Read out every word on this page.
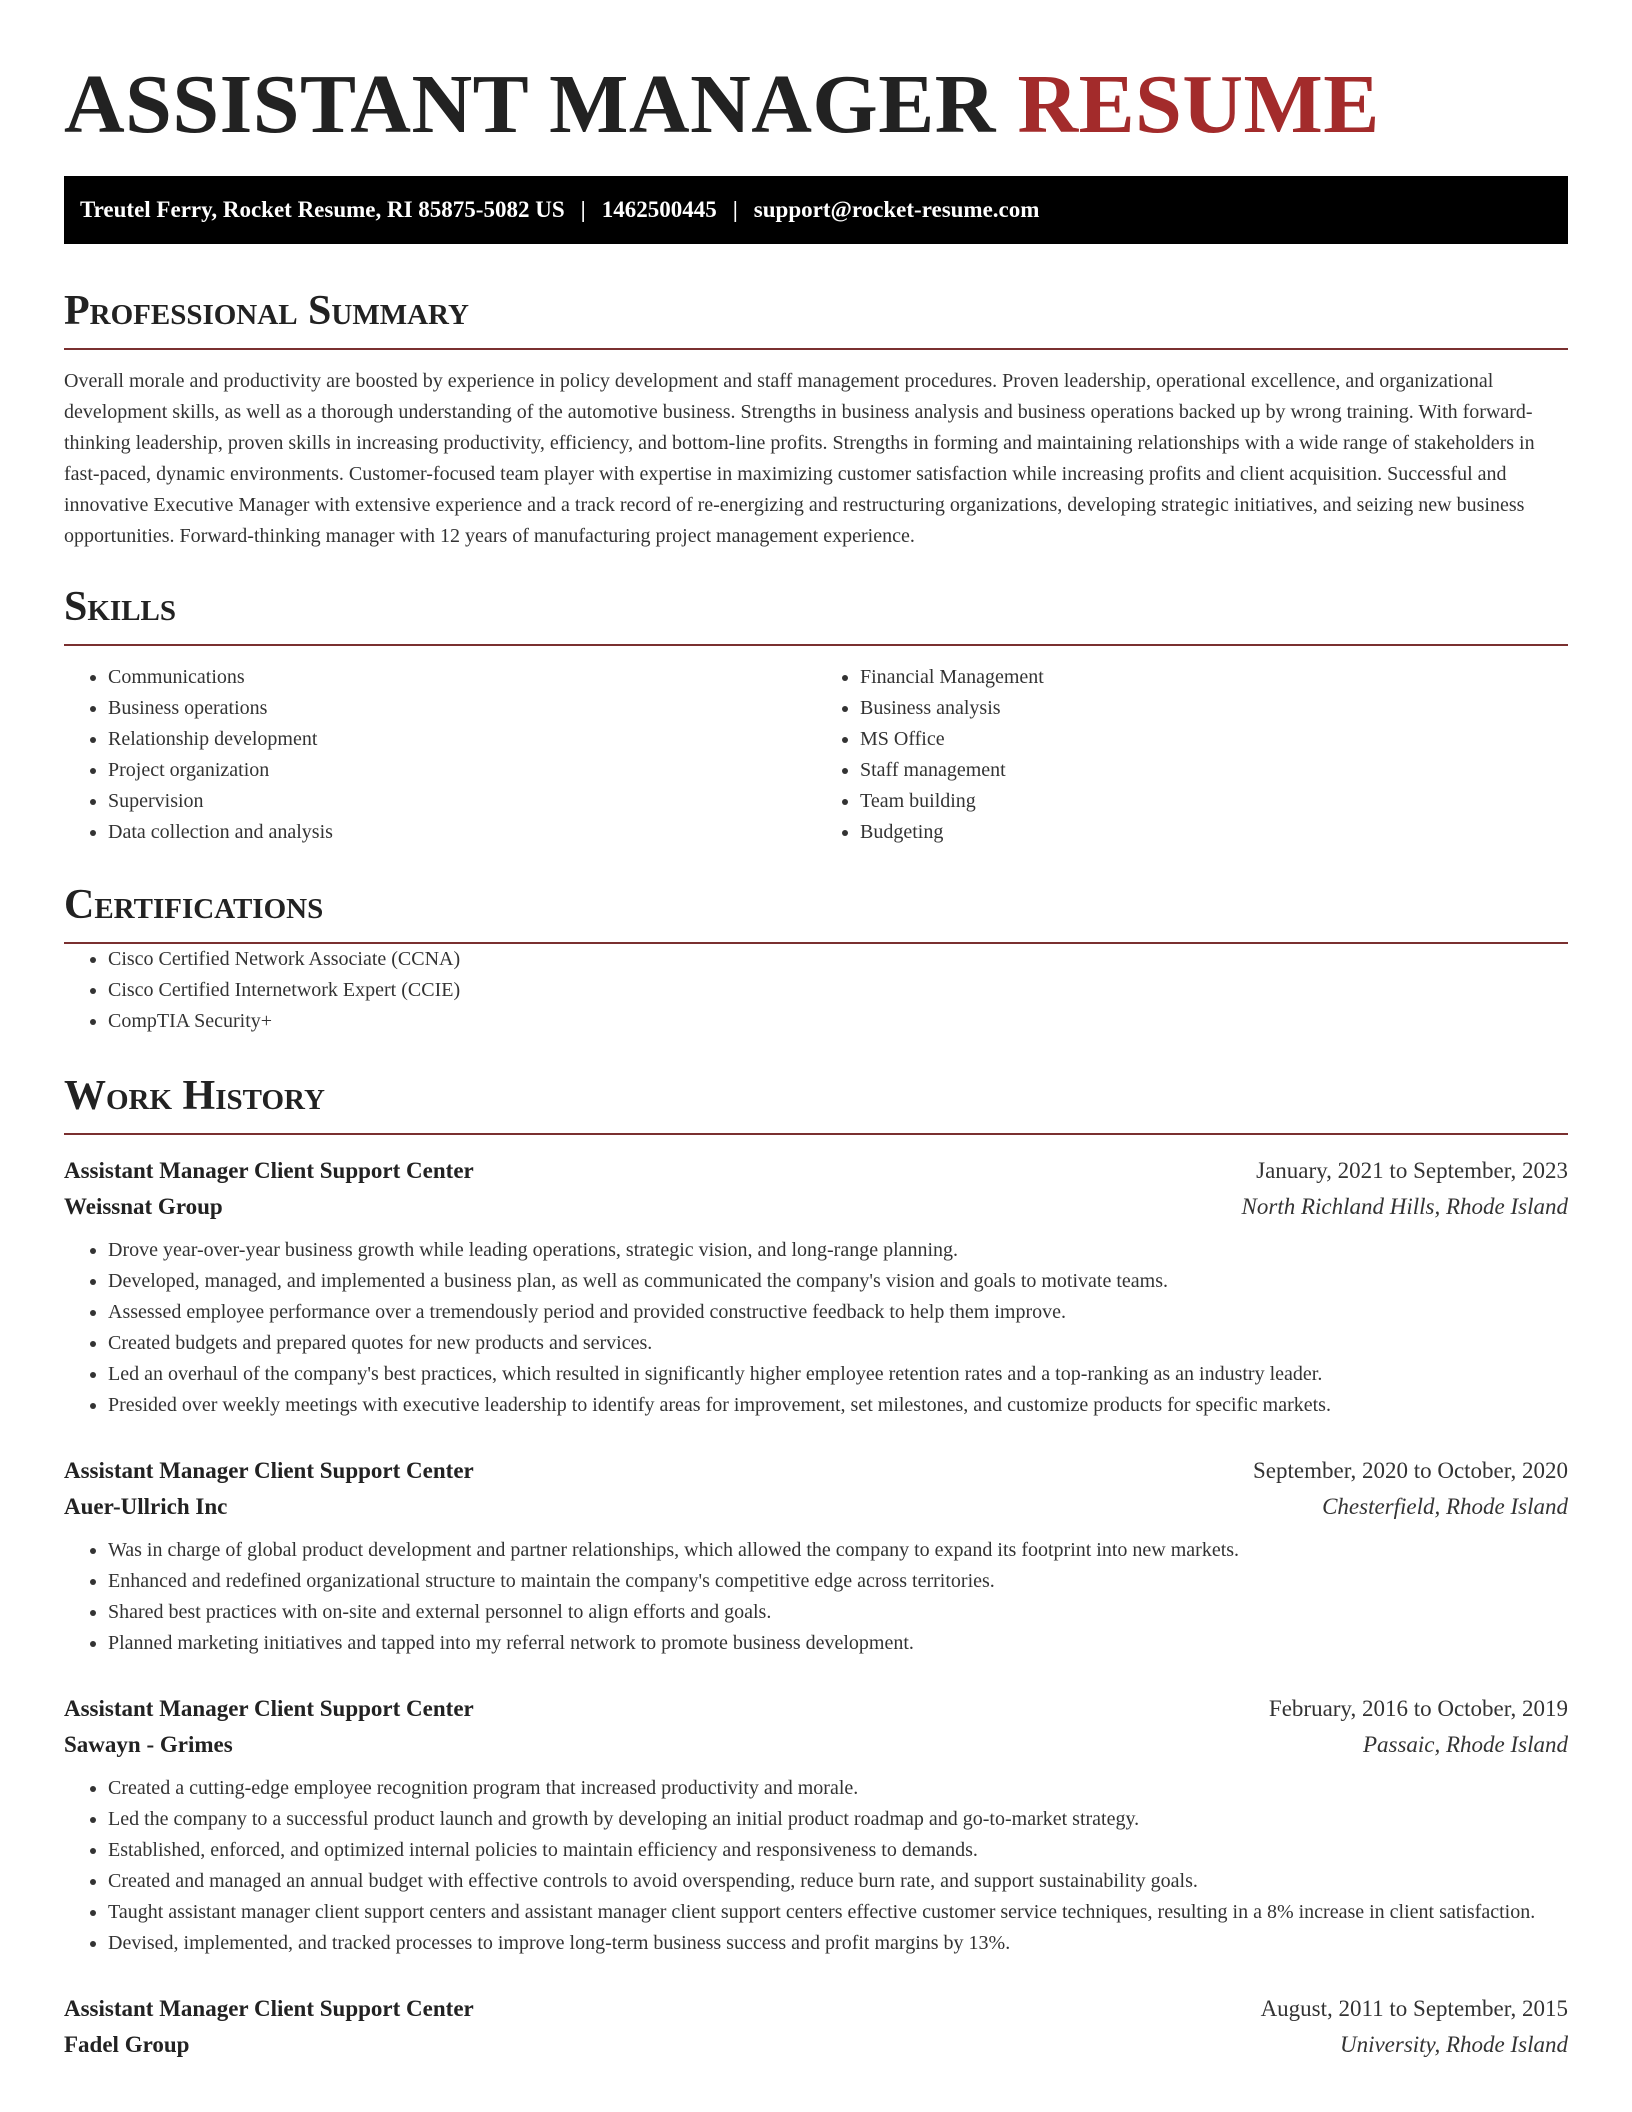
ASSISTANT MANAGER RESUME
Treutel Ferry, Rocket Resume, RI 85875-5082 US | 1462500445 | support@rocket-resume.com
Professional Summary

Overall morale and productivity are boosted by experience in policy development and staff management procedures. Proven leadership, operational excellence, and organizational development skills, as well as a thorough understanding of the automotive business. Strengths in business analysis and business operations backed up by wrong training. With forward-thinking leadership, proven skills in increasing productivity, efficiency, and bottom-line profits. Strengths in forming and maintaining relationships with a wide range of stakeholders in fast-paced, dynamic environments. Customer-focused team player with expertise in maximizing customer satisfaction while increasing profits and client acquisition. Successful and innovative Executive Manager with extensive experience and a track record of re-energizing and restructuring organizations, developing strategic initiatives, and seizing new business opportunities. Forward-thinking manager with 12 years of manufacturing project management experience.

Skills
• Communications
• Business operations
• Relationship development
• Project organization
• Supervision
• Data collection and analysis
• Financial Management
• Business analysis
• MS Office
• Staff management
• Team building
• Budgeting
Certifications
• Cisco Certified Network Associate (CCNA)
• Cisco Certified Internetwork Expert (CCIE)
• CompTIA Security+
Work History
Assistant Manager Client Support Center	January, 2021 to September, 2023
Weissnat Group	North Richland Hills, Rhode Island
• Drove year-over-year business growth while leading operations, strategic vision, and long-range planning.
• Developed, managed, and implemented a business plan, as well as communicated the company's vision and goals to motivate teams.
• Assessed employee performance over a tremendously period and provided constructive feedback to help them improve.
• Created budgets and prepared quotes for new products and services.
• Led an overhaul of the company's best practices, which resulted in significantly higher employee retention rates and a top-ranking as an industry leader.
• Presided over weekly meetings with executive leadership to identify areas for improvement, set milestones, and customize products for specific markets.
Assistant Manager Client Support Center	September, 2020 to October, 2020
Auer-Ullrich Inc	Chesterfield, Rhode Island
• Was in charge of global product development and partner relationships, which allowed the company to expand its footprint into new markets.
• Enhanced and redefined organizational structure to maintain the company's competitive edge across territories.
• Shared best practices with on-site and external personnel to align efforts and goals.
• Planned marketing initiatives and tapped into my referral network to promote business development.
Assistant Manager Client Support Center	February, 2016 to October, 2019
Sawayn - Grimes	Passaic, Rhode Island
• Created a cutting-edge employee recognition program that increased productivity and morale.
• Led the company to a successful product launch and growth by developing an initial product roadmap and go-to-market strategy.
• Established, enforced, and optimized internal policies to maintain efficiency and responsiveness to demands.
• Created and managed an annual budget with effective controls to avoid overspending, reduce burn rate, and support sustainability goals.
• Taught assistant manager client support centers and assistant manager client support centers effective customer service techniques, resulting in a 8% increase in client satisfaction.
• Devised, implemented, and tracked processes to improve long-term business success and profit margins by 13%.
Assistant Manager Client Support Center	August, 2011 to September, 2015
Fadel Group	University, Rhode Island
